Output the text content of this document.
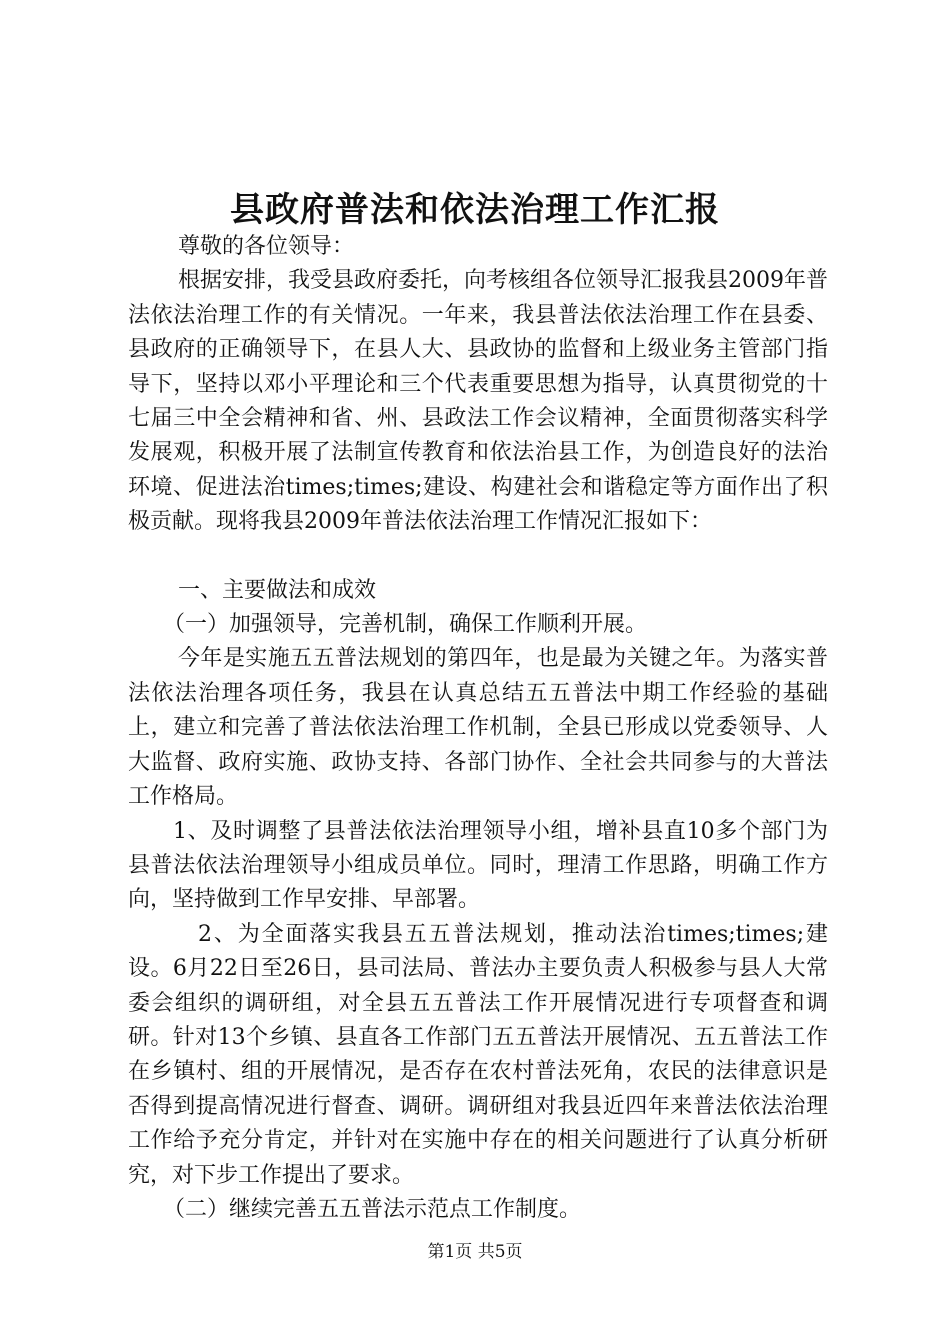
县政府普法和依法治理工作汇报

尊敬的各位领导：

根据安排，我受县政府委托，向考核组各位领导汇报我县2009年普法依法治理工作的有关情况。一年来，我县普法依法治理工作在县委、县政府的正确领导下，在县人大、县政协的监督和上级业务主管部门指导下，坚持以邓小平理论和三个代表重要思想为指导，认真贯彻党的十七届三中全会精神和省、州、县政法工作会议精神，全面贯彻落实科学发展观，积极开展了法制宣传教育和依法治县工作，为创造良好的法治环境、促进法治times;times;建设、构建社会和谐稳定等方面作出了积极贡献。现将我县2009年普法依法治理工作情况汇报如下：

一、主要做法和成效

（一）加强领导，完善机制，确保工作顺利开展。

今年是实施五五普法规划的第四年，也是最为关键之年。为落实普法依法治理各项任务，我县在认真总结五五普法中期工作经验的基础上，建立和完善了普法依法治理工作机制，全县已形成以党委领导、人大监督、政府实施、政协支持、各部门协作、全社会共同参与的大普法工作格局。

1、及时调整了县普法依法治理领导小组，增补县直10多个部门为县普法依法治理领导小组成员单位。同时，理清工作思路，明确工作方向，坚持做到工作早安排、早部署。

2、为全面落实我县五五普法规划，推动法治times;times;建设。6月22日至26日，县司法局、普法办主要负责人积极参与县人大常委会组织的调研组，对全县五五普法工作开展情况进行专项督查和调研。针对13个乡镇、县直各工作部门五五普法开展情况、五五普法工作在乡镇村、组的开展情况，是否存在农村普法死角，农民的法律意识是否得到提高情况进行督查、调研。调研组对我县近四年来普法依法治理工作给予充分肯定，并针对在实施中存在的相关问题进行了认真分析研究，对下步工作提出了要求。

（二）继续完善五五普法示范点工作制度。

第1页 共5页
